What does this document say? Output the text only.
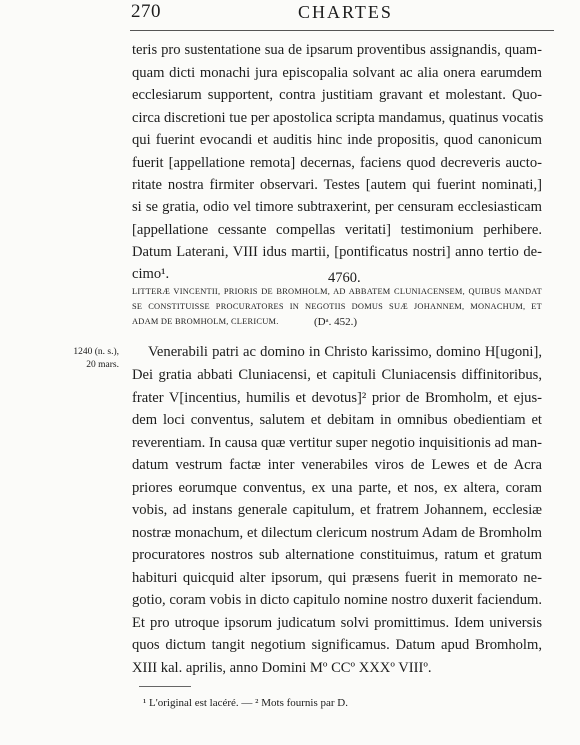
270	CHARTES
teris pro sustentatione sua de ipsarum proventibus assignandis, quam-
quam dicti monachi jura episcopalia solvant ac alia onera earumdem
ecclesiarum supportent, contra justitiam gravant et molestant. Quo-
circa discretioni tue per apostolica scripta mandamus, quatinus vocatis
qui fuerint evocandi et auditis hinc inde propositis, quod canonicum
fuerit [appellatione remota] decernas, faciens quod decreveris aucto-
ritate nostra firmiter observari. Testes [autem qui fuerint nominati,]
si se gratia, odio vel timore subtraxerint, per censuram ecclesiasticam
[appellatione cessante compellas veritati] testimonium perhibere.
Datum Laterani, VIII idus martii, [pontificatus nostri] anno tertio de-
cimo¹.	4760.
LITTERÆ VINCENTII, PRIORIS DE BROMHOLM, AD ABBATEM CLUNIACENSEM, QUIBUS MANDAT
SE CONSTITUISSE PROCURATORES IN NEGOTIIS DOMUS SUÆ JOHANNEM, MONACHUM, ET
ADAM DE BROMHOLM, CLERICUM.	(Dᵃ. 452.)
1240 (n. s.),
20 mars.
Venerabili patri ac domino in Christo karissimo, domino H[ugoni],
Dei gratia abbati Cluniacensi, et capituli Cluniacensis diffinitoribus,
frater V[incentius, humilis et devotus]² prior de Bromholm, et ejus-
dem loci conventus, salutem et debitam in omnibus obedientiam et
reverentiam. In causa quæ vertitur super negotio inquisitionis ad man-
datum vestrum factæ inter venerabiles viros de Lewes et de Acra
priores eorumque conventus, ex una parte, et nos, ex altera, coram
vobis, ad instans generale capitulum, et fratrem Johannem, ecclesiæ
nostræ monachum, et dilectum clericum nostrum Adam de Bromholm
procuratores nostros sub alternatione constituimus, ratum et gratum
habituri quicquid alter ipsorum, qui præsens fuerit in memorato ne-
gotio, coram vobis in dicto capitulo nomine nostro duxerit faciendum.
Et pro utroque ipsorum judicatum solvi promittimus. Idem universis
quos dictum tangit negotium significamus. Datum apud Bromholm,
XIII kal. aprilis, anno Domini Mº CCº XXXº VIIIº.
¹ L'original est lacéré. — ² Mots fournis par D.
